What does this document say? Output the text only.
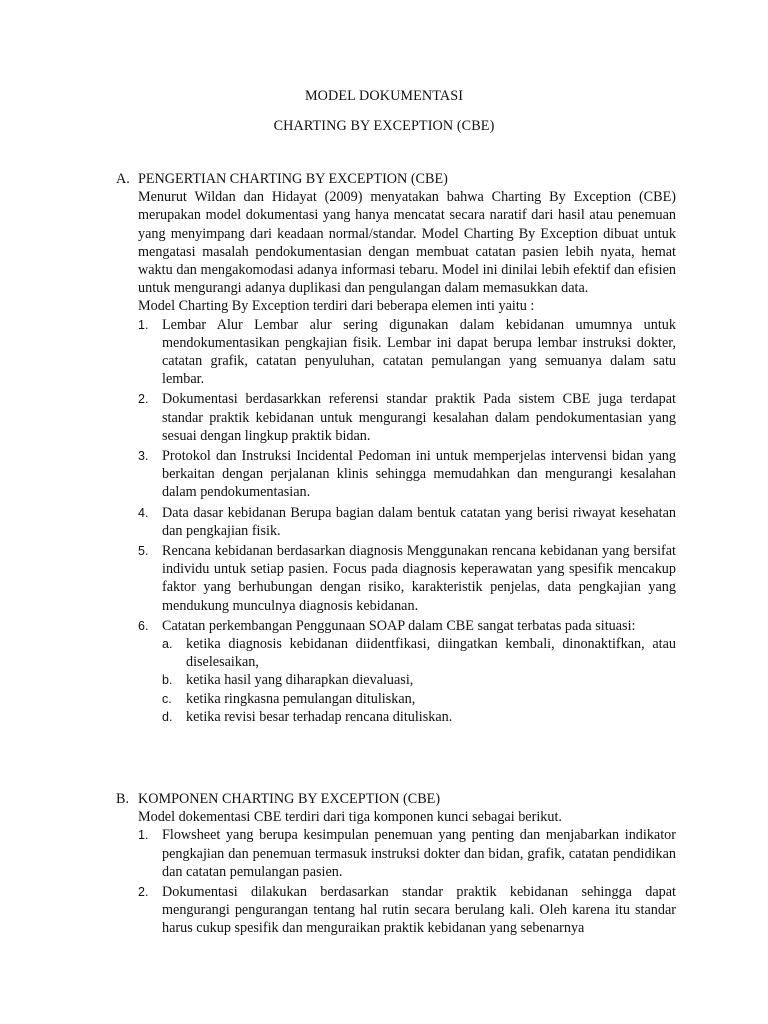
MODEL DOKUMENTASI
CHARTING BY EXCEPTION (CBE)
A. PENGERTIAN CHARTING BY EXCEPTION (CBE)
Menurut Wildan dan Hidayat (2009) menyatakan bahwa Charting By Exception (CBE) merupakan model dokumentasi yang hanya mencatat secara naratif dari hasil atau penemuan yang menyimpang dari keadaan normal/standar. Model Charting By Exception dibuat untuk mengatasi masalah pendokumentasian dengan membuat catatan pasien lebih nyata, hemat waktu dan mengakomodasi adanya informasi tebaru. Model ini dinilai lebih efektif dan efisien untuk mengurangi adanya duplikasi dan pengulangan dalam memasukkan data.
Model Charting By Exception terdiri dari beberapa elemen inti yaitu :
1. Lembar Alur Lembar alur sering digunakan dalam kebidanan umumnya untuk mendokumentasikan pengkajian fisik. Lembar ini dapat berupa lembar instruksi dokter, catatan grafik, catatan penyuluhan, catatan pemulangan yang semuanya dalam satu lembar.
2. Dokumentasi berdasarkkan referensi standar praktik Pada sistem CBE juga terdapat standar praktik kebidanan untuk mengurangi kesalahan dalam pendokumentasian yang sesuai dengan lingkup praktik bidan.
3. Protokol dan Instruksi Incidental Pedoman ini untuk memperjelas intervensi bidan yang berkaitan dengan perjalanan klinis sehingga memudahkan dan mengurangi kesalahan dalam pendokumentasian.
4. Data dasar kebidanan Berupa bagian dalam bentuk catatan yang berisi riwayat kesehatan dan pengkajian fisik.
5. Rencana kebidanan berdasarkan diagnosis Menggunakan rencana kebidanan yang bersifat individu untuk setiap pasien. Focus pada diagnosis keperawatan yang spesifik mencakup faktor yang berhubungan dengan risiko, karakteristik penjelas, data pengkajian yang mendukung munculnya diagnosis kebidanan.
6. Catatan perkembangan Penggunaan SOAP dalam CBE sangat terbatas pada situasi:
a. ketika diagnosis kebidanan diidentfikasi, diingatkan kembali, dinonaktifkan, atau diselesaikan,
b. ketika hasil yang diharapkan dievaluasi,
c. ketika ringkasna pemulangan dituliskan,
d. ketika revisi besar terhadap rencana dituliskan.
B. KOMPONEN CHARTING BY EXCEPTION (CBE)
Model dokementasi CBE terdiri dari tiga komponen kunci sebagai berikut.
1. Flowsheet yang berupa kesimpulan penemuan yang penting dan menjabarkan indikator pengkajian dan penemuan termasuk instruksi dokter dan bidan, grafik, catatan pendidikan dan catatan pemulangan pasien.
2. Dokumentasi dilakukan berdasarkan standar praktik kebidanan sehingga dapat mengurangi pengurangan tentang hal rutin secara berulang kali. Oleh karena itu standar harus cukup spesifik dan menguraikan praktik kebidanan yang sebenarnya
